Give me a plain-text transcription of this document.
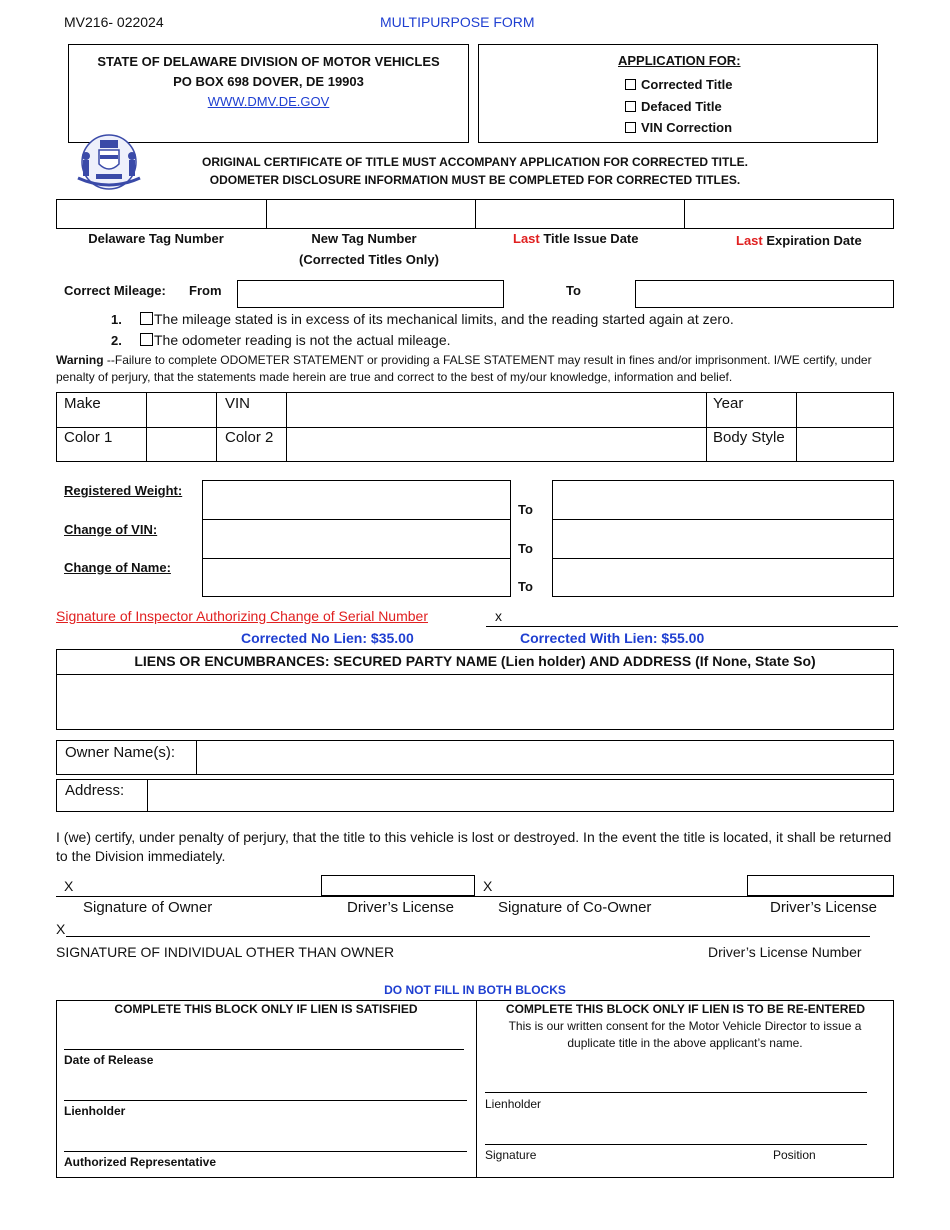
MV216- 022024	MULTIPURPOSE FORM
STATE OF DELAWARE DIVISION OF MOTOR VEHICLES
PO BOX 698 DOVER, DE 19903
WWW.DMV.DE.GOV
APPLICATION FOR:
Corrected Title
Defaced Title
VIN Correction
ORIGINAL CERTIFICATE OF TITLE MUST ACCOMPANY APPLICATION FOR CORRECTED TITLE.
ODOMETER DISCLOSURE INFORMATION MUST BE COMPLETED FOR CORRECTED TITLES.
Delaware Tag Number	New Tag Number
(Corrected Titles Only)
Last Title Issue Date	Last Expiration Date
Correct Mileage: From	To
1.	The mileage stated is in excess of its mechanical limits, and the reading started again at zero.
2.	The odometer reading is not the actual mileage.
Warning --Failure to complete ODOMETER STATEMENT or providing a FALSE STATEMENT may result in fines and/or imprisonment. I/WE certify, under penalty of perjury, that the statements made herein are true and correct to the best of my/our knowledge, information and belief.
Make	VIN	Year
Color 1	Color 2	Body Style
Registered Weight:
Change of VIN:
Change of Name:
To
To
To
Signature of Inspector Authorizing Change of Serial Number	x
Corrected No Lien: $35.00	Corrected With Lien: $55.00
LIENS OR ENCUMBRANCES: SECURED PARTY NAME (Lien holder) AND ADDRESS (If None, State So)
Owner Name(s):
Address:
I (we) certify, under penalty of perjury, that the title to this vehicle is lost or destroyed. In the event the title is located, it shall be returned to the Division immediately.
X	X
Signature of Owner	Driver’s License	Signature of Co-Owner	Driver’s License
X
SIGNATURE OF INDIVIDUAL OTHER THAN OWNER	Driver’s License Number
DO NOT FILL IN BOTH BLOCKS
COMPLETE THIS BLOCK ONLY IF LIEN IS SATISFIED
Date of Release
Lienholder
Authorized Representative
COMPLETE THIS BLOCK ONLY IF LIEN IS TO BE RE-ENTERED
This is our written consent for the Motor Vehicle Director to issue a duplicate title in the above applicant’s name.
Lienholder
Signature	Position
